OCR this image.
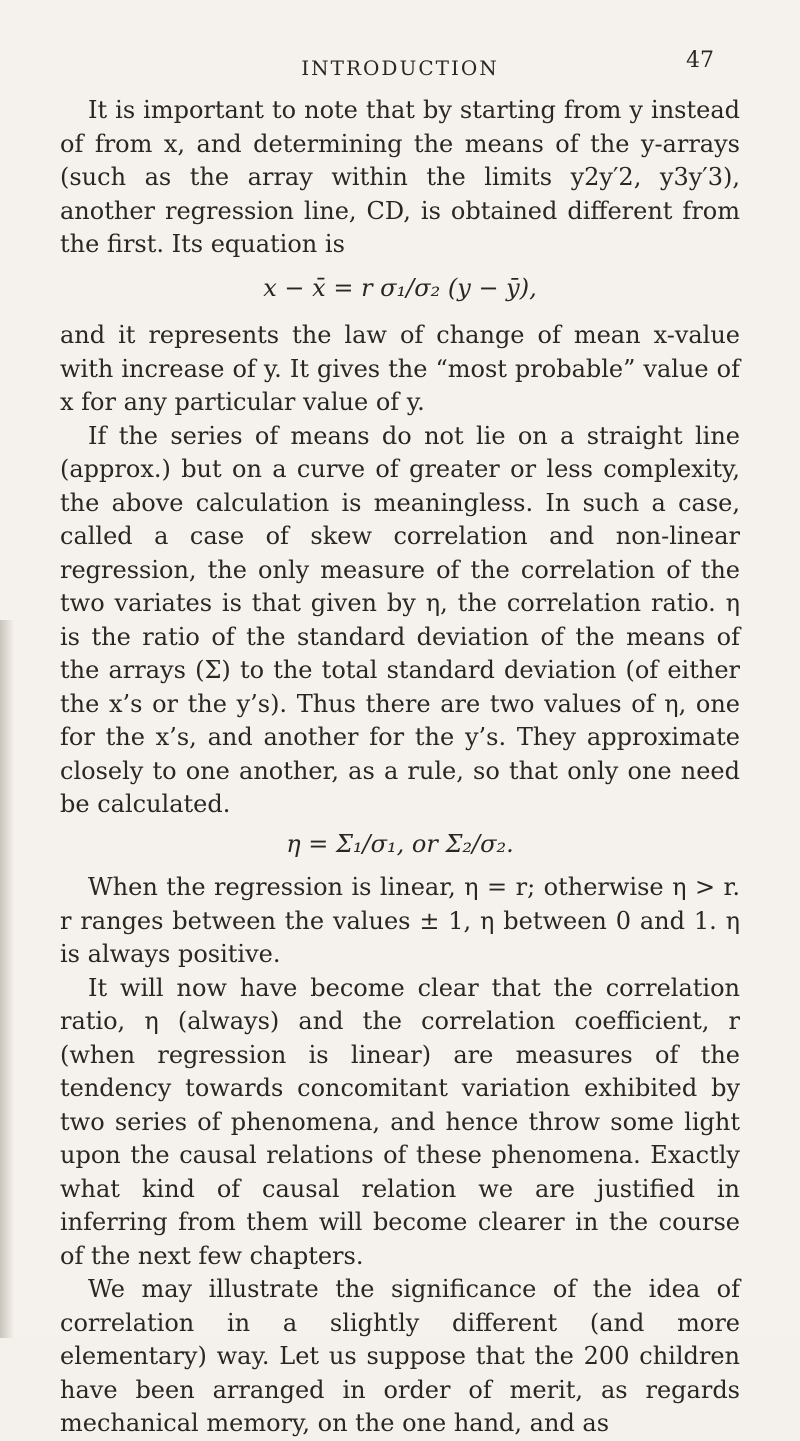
INTRODUCTION	47

It is important to note that by starting from y instead of from x, and determining the means of the y-arrays (such as the array within the limits y2y′2, y3y′3), another regression line, CD, is obtained different from the first. Its equation is

x − x̄ = r σ₁/σ₂ (y − ȳ),

and it represents the law of change of mean x-value with increase of y. It gives the “most probable” value of x for any particular value of y.

If the series of means do not lie on a straight line (approx.) but on a curve of greater or less complexity, the above calculation is meaningless. In such a case, called a case of skew correlation and non-linear regression, the only measure of the correlation of the two variates is that given by η, the correlation ratio. η is the ratio of the standard deviation of the means of the arrays (Σ) to the total standard deviation (of either the x’s or the y’s). Thus there are two values of η, one for the x’s, and another for the y’s. They approximate closely to one another, as a rule, so that only one need be calculated.

η = Σ₁/σ₁, or Σ₂/σ₂.

When the regression is linear, η = r; otherwise η > r. r ranges between the values ± 1, η between 0 and 1. η is always positive.

It will now have become clear that the correlation ratio, η (always) and the correlation coefficient, r (when regression is linear) are measures of the tendency towards concomitant variation exhibited by two series of phenomena, and hence throw some light upon the causal relations of these phenomena. Exactly what kind of causal relation we are justified in inferring from them will become clearer in the course of the next few chapters.

We may illustrate the significance of the idea of correlation in a slightly different (and more elementary) way. Let us suppose that the 200 children have been arranged in order of merit, as regards mechanical memory, on the one hand, and as
